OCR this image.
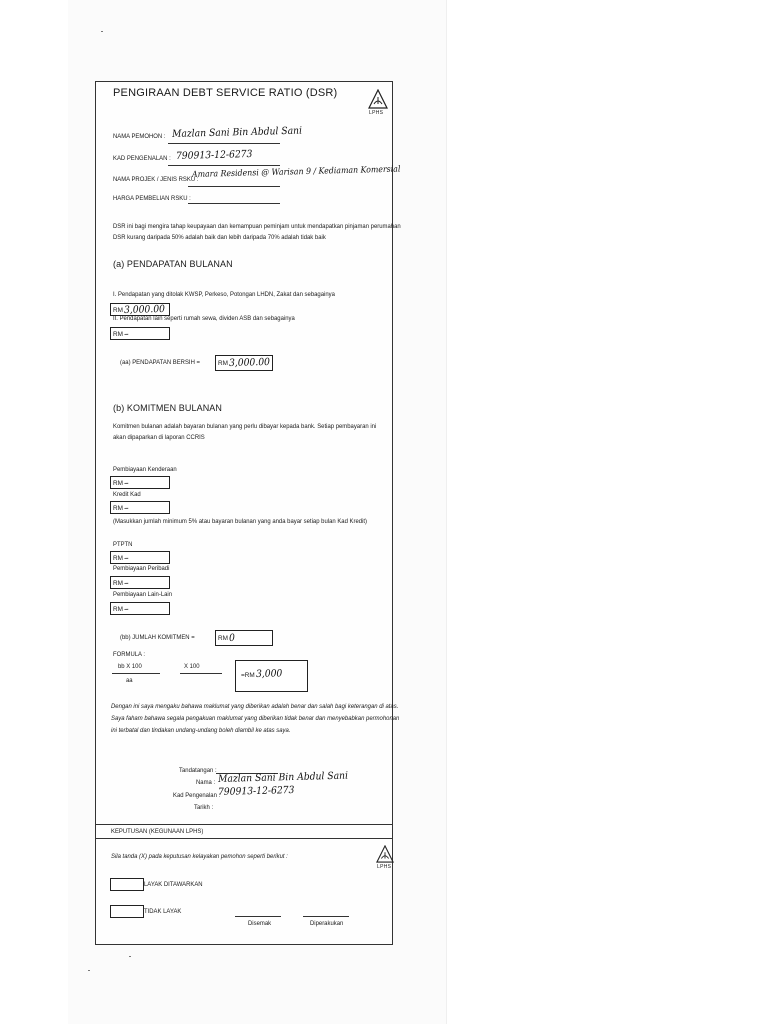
PENGIRAAN DEBT SERVICE RATIO (DSR)
LPHS
NAMA PEMOHON : Mazlan Sani Bin Abdul Sani
KAD PENGENALAN : 790913-12-6273
NAMA PROJEK / JENIS RSKU :
Amara Residensi @ Warisan 9 / Kediaman Komersial
HARGA PEMBELIAN RSKU :
DSR ini bagi mengira tahap keupayaan dan kemampuan peminjam untuk mendapatkan pinjaman perumahan
DSR kurang daripada 50% adalah baik dan lebih daripada 70% adalah tidak baik
(a) PENDAPATAN BULANAN
I. Pendapatan yang ditolak KWSP, Perkeso, Potongan LHDN, Zakat dan sebagainya
RM 3,000.00
II. Pendapatan lain seperti rumah sewa, dividen ASB dan sebagainya
RM –
(aa) PENDAPATAN BERSIH =	RM 3,000.00
(b) KOMITMEN BULANAN
Komitmen bulanan adalah bayaran bulanan yang perlu dibayar kepada bank. Setiap pembayaran ini
akan dipaparkan di laporan CCRIS
Pembiayaan Kenderaan
RM –
Kredit Kad
RM –
(Masukkan jumlah minimum 5% atau bayaran bulanan yang anda bayar setiap bulan Kad Kredit)
PTPTN
RM –
Pembiayaan Peribadi
RM –
Pembiayaan Lain-Lain
RM –
(bb) JUMLAH KOMITMEN =	RM 0
FORMULA :
bb X 100
aa
X 100
=RM 3,000
Dengan ini saya mengaku bahawa maklumat yang diberikan adalah benar dan salah bagi keterangan di atas.
Saya faham bahawa segala pengakuan maklumat yang diberikan tidak benar dan menyebabkan permohonan
ini terbatal dan tindakan undang-undang boleh diambil ke atas saya.
Tandatangan :
Nama : Mazlan Sani Bin Abdul Sani
Kad Pengenalan :
790913-12-6273
Tarikh :
KEPUTUSAN (KEGUNAAN LPHS)
Sila tanda (X) pada keputusan kelayakan pemohon seperti berikut :
LPHS
LAYAK DITAWARKAN
TIDAK LAYAK
Disemak	Diperakukan
